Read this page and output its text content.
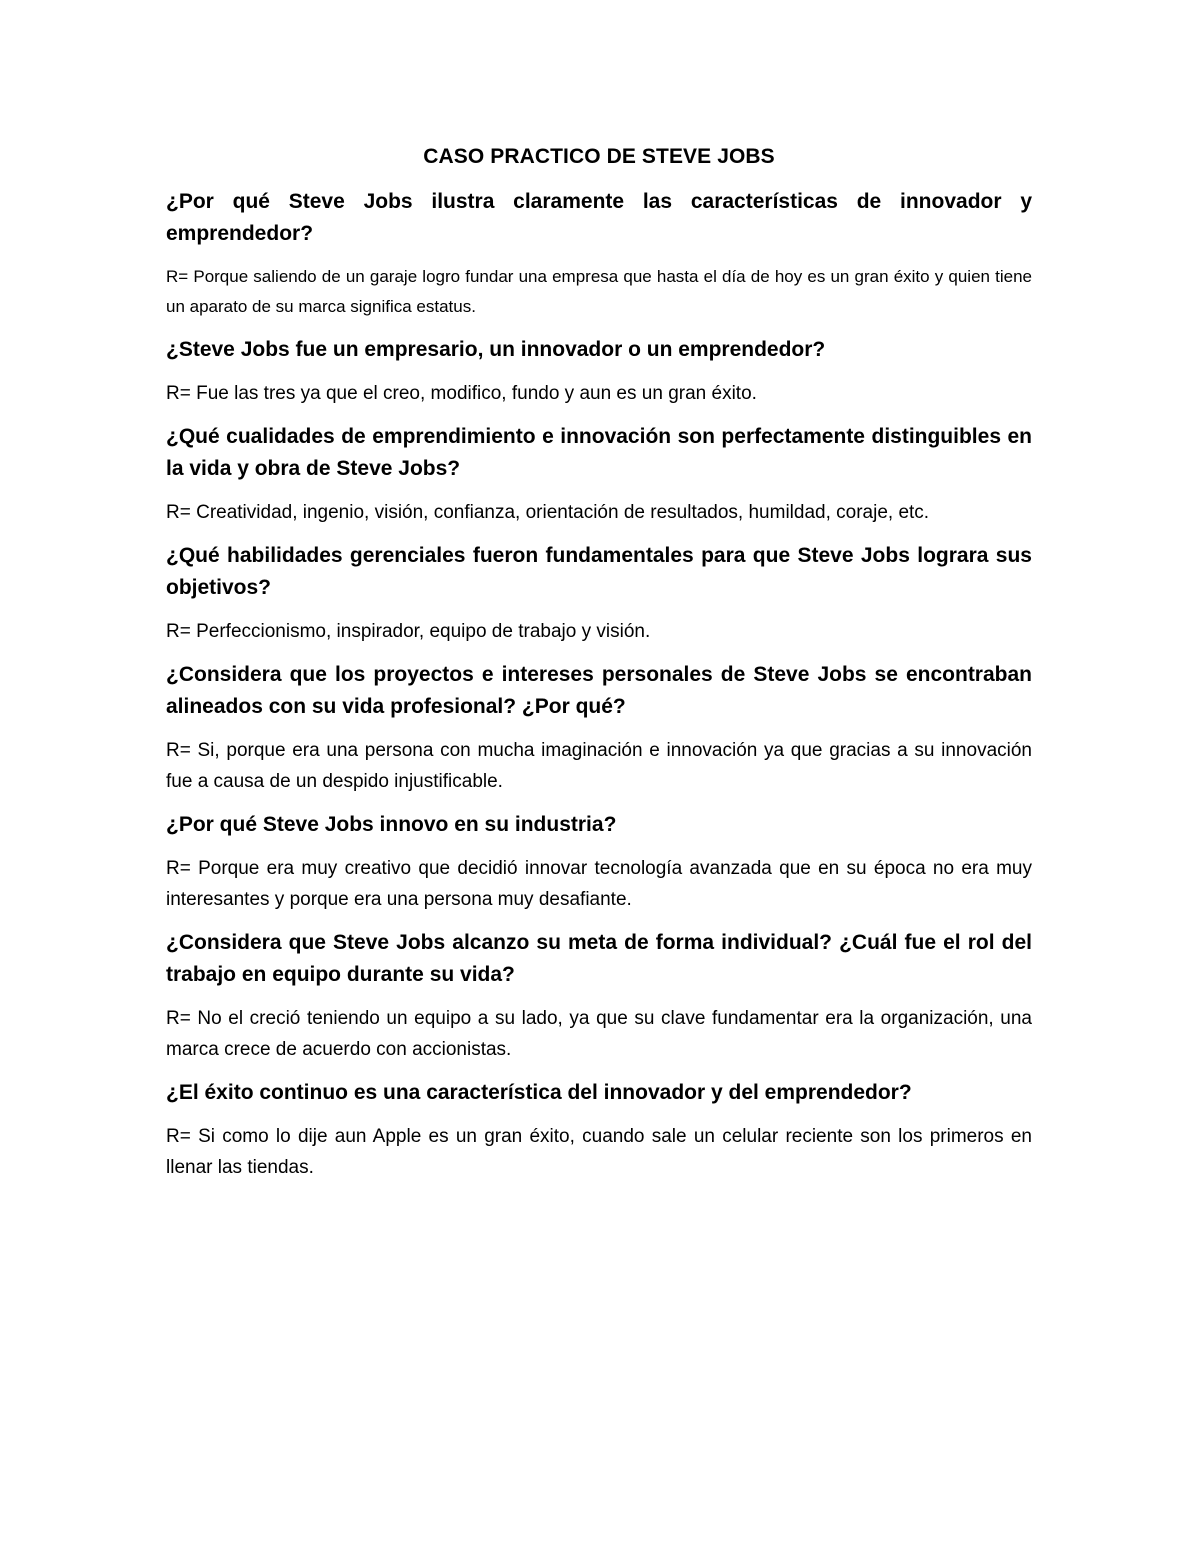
CASO PRACTICO DE STEVE JOBS

¿Por qué Steve Jobs ilustra claramente las características de innovador y emprendedor?

R= Porque saliendo de un garaje logro fundar una empresa que hasta el día de hoy es un gran éxito y quien tiene un aparato de su marca significa estatus.

¿Steve Jobs fue un empresario, un innovador o un emprendedor?

R= Fue las tres ya que el creo, modifico, fundo y aun es un gran éxito.

¿Qué cualidades de emprendimiento e innovación son perfectamente distinguibles en la vida y obra de Steve Jobs?

R= Creatividad, ingenio, visión, confianza, orientación de resultados, humildad, coraje, etc.

¿Qué habilidades gerenciales fueron fundamentales para que Steve Jobs lograra sus objetivos?

R= Perfeccionismo, inspirador, equipo de trabajo y visión.

¿Considera que los proyectos e intereses personales de Steve Jobs se encontraban alineados con su vida profesional? ¿Por qué?

R= Si, porque era una persona con mucha imaginación e innovación ya que gracias a su innovación fue a causa de un despido injustificable.

¿Por qué Steve Jobs innovo en su industria?

R= Porque era muy creativo que decidió innovar tecnología avanzada que en su época no era muy interesantes y porque era una persona muy desafiante.

¿Considera que Steve Jobs alcanzo su meta de forma individual? ¿Cuál fue el rol del trabajo en equipo durante su vida?

R= No el creció teniendo un equipo a su lado, ya que su clave fundamentar era la organización, una marca crece de acuerdo con accionistas.

¿El éxito continuo es una característica del innovador y del emprendedor?

R= Si como lo dije aun Apple es un gran éxito, cuando sale un celular reciente son los primeros en llenar las tiendas.
